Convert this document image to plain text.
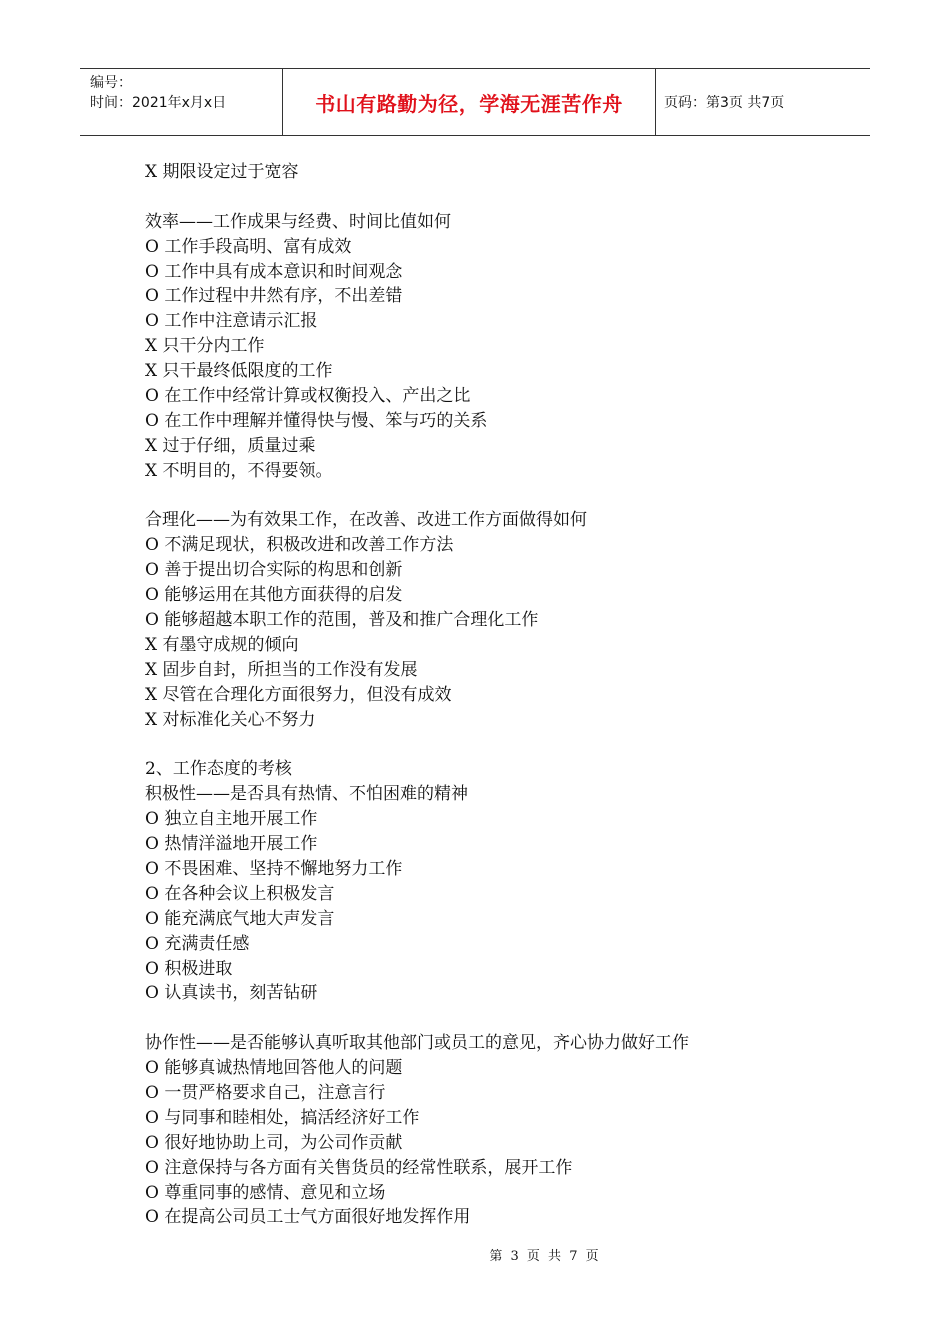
编号：
时间：2021年x月x日	书山有路勤为径，学海无涯苦作舟	页码：第3页 共7页
X 期限设定过于宽容
效率——工作成果与经费、时间比值如何
O 工作手段高明、富有成效
O 工作中具有成本意识和时间观念
O 工作过程中井然有序，不出差错
O 工作中注意请示汇报
X 只干分内工作
X 只干最终低限度的工作
O 在工作中经常计算或权衡投入、产出之比
O 在工作中理解并懂得快与慢、笨与巧的关系
X 过于仔细，质量过乘
X 不明目的，不得要领。
合理化——为有效果工作，在改善、改进工作方面做得如何
O 不满足现状，积极改进和改善工作方法
O 善于提出切合实际的构思和创新
O 能够运用在其他方面获得的启发
O 能够超越本职工作的范围，普及和推广合理化工作
X 有墨守成规的倾向
X 固步自封，所担当的工作没有发展
X 尽管在合理化方面很努力，但没有成效
X 对标准化关心不努力
2、工作态度的考核
积极性——是否具有热情、不怕困难的精神
O 独立自主地开展工作
O 热情洋溢地开展工作
O 不畏困难、坚持不懈地努力工作
O 在各种会议上积极发言
O 能充满底气地大声发言
O 充满责任感
O 积极进取
O 认真读书，刻苦钻研
协作性——是否能够认真听取其他部门或员工的意见，齐心协力做好工作
O 能够真诚热情地回答他人的问题
O 一贯严格要求自己，注意言行
O 与同事和睦相处，搞活经济好工作
O 很好地协助上司，为公司作贡献
O 注意保持与各方面有关售货员的经常性联系，展开工作
O 尊重同事的感情、意见和立场
O 在提高公司员工士气方面很好地发挥作用
第 3 页 共 7 页
